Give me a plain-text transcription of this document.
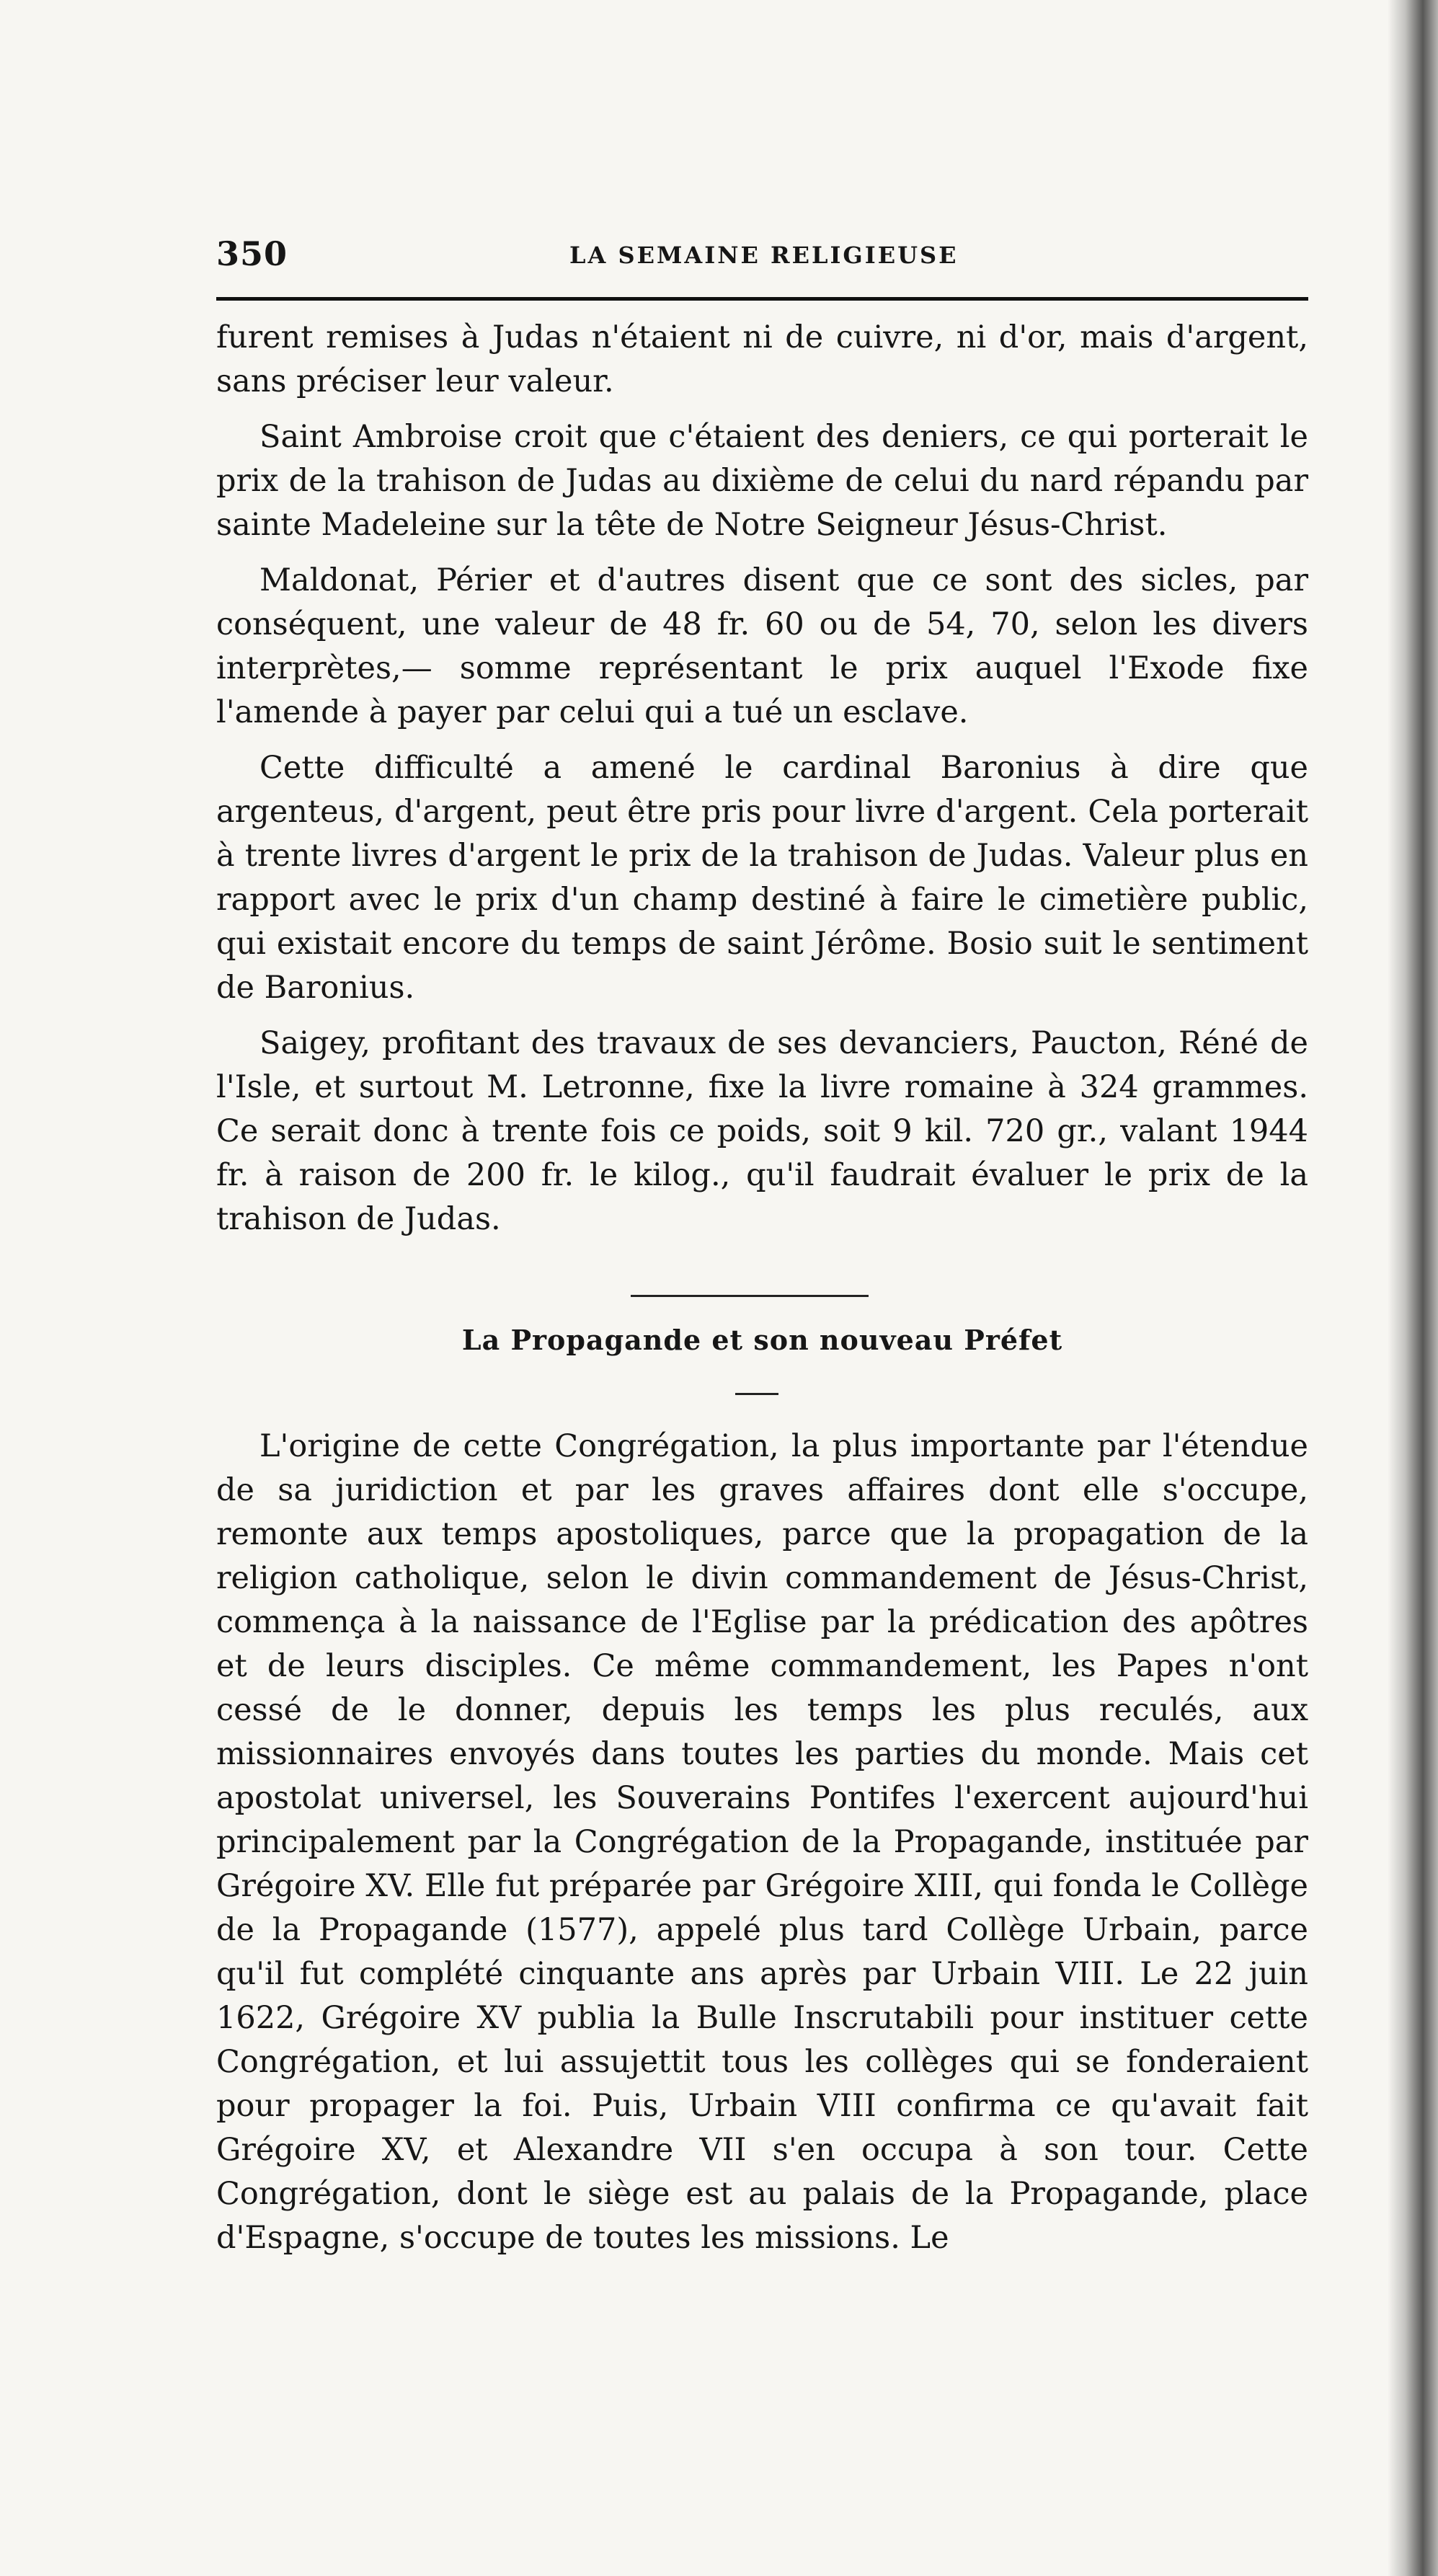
350	LA SEMAINE RELIGIEUSE

furent remises à Judas n'étaient ni de cuivre, ni d'or, mais d'argent, sans préciser leur valeur.

Saint Ambroise croit que c'étaient des deniers, ce qui porterait le prix de la trahison de Judas au dixième de celui du nard répandu par sainte Madeleine sur la tête de Notre Seigneur Jésus-Christ.

Maldonat, Périer et d'autres disent que ce sont des sicles, par conséquent, une valeur de 48 fr. 60 ou de 54, 70, selon les divers interprètes,— somme représentant le prix auquel l'Exode fixe l'amende à payer par celui qui a tué un esclave.

Cette difficulté a amené le cardinal Baronius à dire que argenteus, d'argent, peut être pris pour livre d'argent. Cela porterait à trente livres d'argent le prix de la trahison de Judas. Valeur plus en rapport avec le prix d'un champ destiné à faire le cimetière public, qui existait encore du temps de saint Jérôme. Bosio suit le sentiment de Baronius.

Saigey, profitant des travaux de ses devanciers, Paucton, Réné de l'Isle, et surtout M. Letronne, fixe la livre romaine à 324 grammes. Ce serait donc à trente fois ce poids, soit 9 kil. 720 gr., valant 1944 fr. à raison de 200 fr. le kilog., qu'il faudrait évaluer le prix de la trahison de Judas.

La Propagande et son nouveau Préfet

L'origine de cette Congrégation, la plus importante par l'étendue de sa juridiction et par les graves affaires dont elle s'occupe, remonte aux temps apostoliques, parce que la propagation de la religion catholique, selon le divin commandement de Jésus-Christ, commença à la naissance de l'Eglise par la prédication des apôtres et de leurs disciples. Ce même commandement, les Papes n'ont cessé de le donner, depuis les temps les plus reculés, aux missionnaires envoyés dans toutes les parties du monde. Mais cet apostolat universel, les Souverains Pontifes l'exercent aujourd'hui principalement par la Congrégation de la Propagande, instituée par Grégoire XV. Elle fut préparée par Grégoire XIII, qui fonda le Collège de la Propagande (1577), appelé plus tard Collège Urbain, parce qu'il fut complété cinquante ans après par Urbain VIII. Le 22 juin 1622, Grégoire XV publia la Bulle Inscrutabili pour instituer cette Congrégation, et lui assujettit tous les collèges qui se fonderaient pour propager la foi. Puis, Urbain VIII confirma ce qu'avait fait Grégoire XV, et Alexandre VII s'en occupa à son tour. Cette Congrégation, dont le siège est au palais de la Propagande, place d'Espagne, s'occupe de toutes les missions. Le
